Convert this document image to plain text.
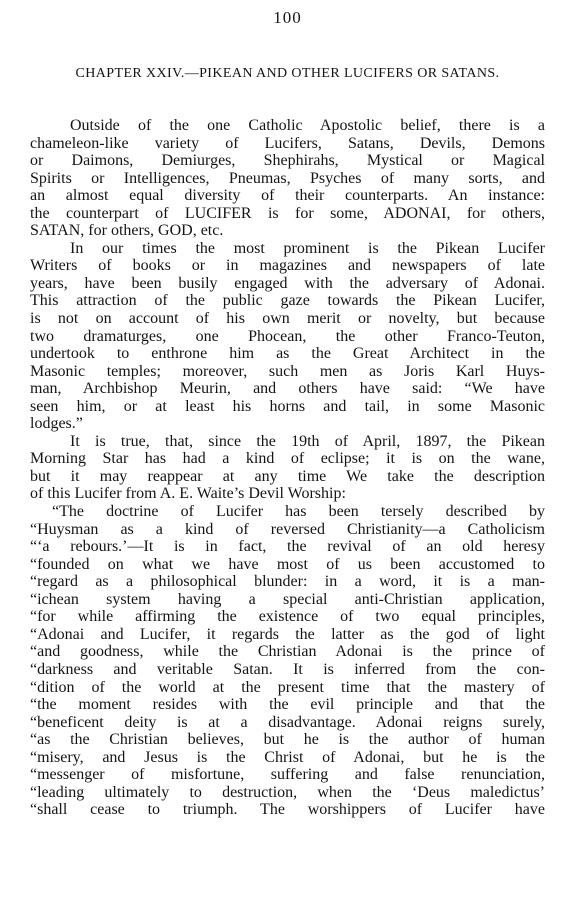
100
CHAPTER XXIV.—PIKEAN AND OTHER LUCIFERS OR SATANS.
Outside of the one Catholic Apostolic belief, there is a
chameleon-like variety of Lucifers, Satans, Devils, Demons
or Daimons, Demiurges, Shephirahs, Mystical or Magical
Spirits or Intelligences, Pneumas, Psyches of many sorts, and
an almost equal diversity of their counterparts. An instance:
the counterpart of LUCIFER is for some, ADONAI, for others,
SATAN, for others, GOD, etc.
In our times the most prominent is the Pikean Lucifer
Writers of books or in magazines and newspapers of late
years, have been busily engaged with the adversary of Adonai.
This attraction of the public gaze towards the Pikean Lucifer,
is not on account of his own merit or novelty, but because
two dramaturges, one Phocean, the other Franco-Teuton,
undertook to enthrone him as the Great Architect in the
Masonic temples; moreover, such men as Joris Karl Huys-
man, Archbishop Meurin, and others have said: “We have
seen him, or at least his horns and tail, in some Masonic
lodges.”
It is true, that, since the 19th of April, 1897, the Pikean
Morning Star has had a kind of eclipse; it is on the wane,
but it may reappear at any time We take the description
of this Lucifer from A. E. Waite’s Devil Worship:
“The doctrine of Lucifer has been tersely described by
“Huysman as a kind of reversed Christianity—a Catholicism
“‘a rebours.’—It is in fact, the revival of an old heresy
“founded on what we have most of us been accustomed to
“regard as a philosophical blunder: in a word, it is a man-
“ichean system having a special anti-Christian application,
“for while affirming the existence of two equal principles,
“Adonai and Lucifer, it regards the latter as the god of light
“and goodness, while the Christian Adonai is the prince of
“darkness and veritable Satan. It is inferred from the con-
“dition of the world at the present time that the mastery of
“the moment resides with the evil principle and that the
“beneficent deity is at a disadvantage. Adonai reigns surely,
“as the Christian believes, but he is the author of human
“misery, and Jesus is the Christ of Adonai, but he is the
“messenger of misfortune, suffering and false renunciation,
“leading ultimately to destruction, when the ‘Deus maledictus’
“shall cease to triumph. The worshippers of Lucifer have
